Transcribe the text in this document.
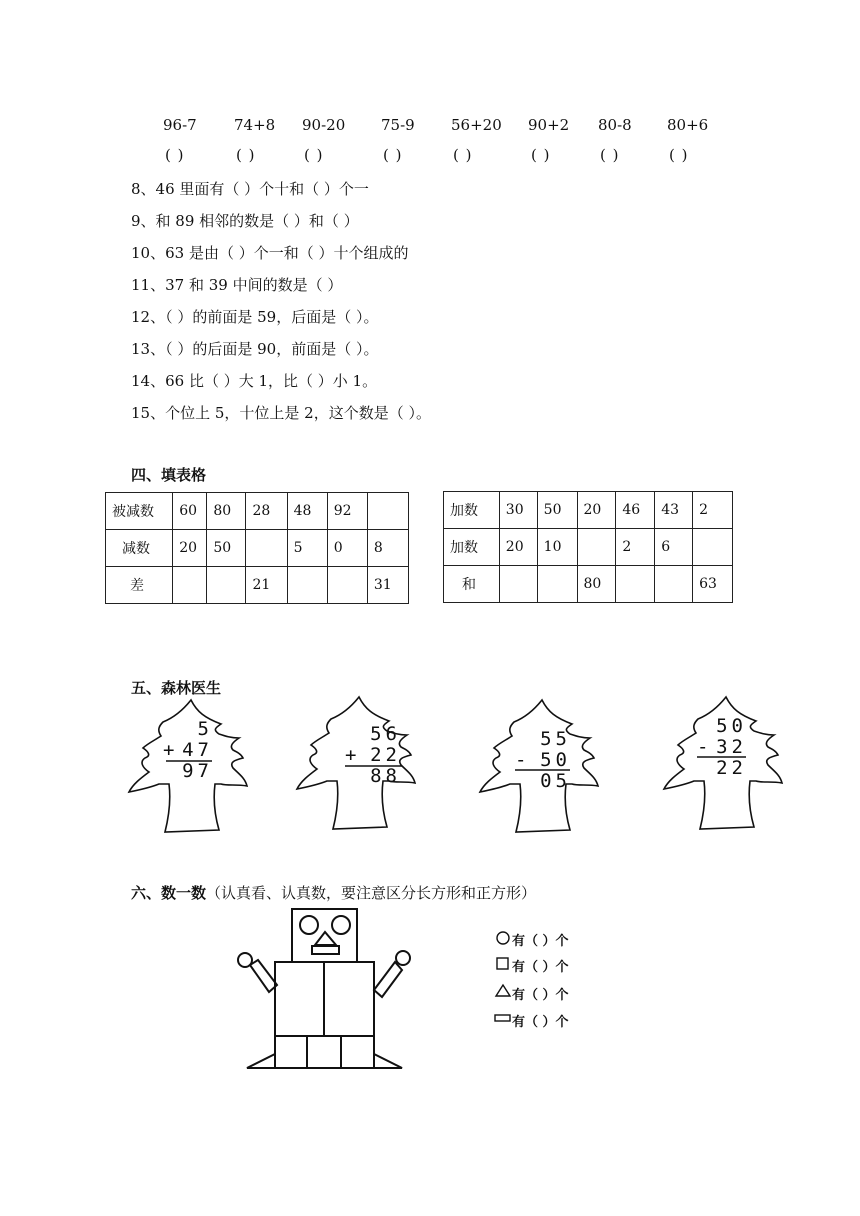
96-7 74+8 90-20 75-9 56+20 90+2 80-8 80+6
( )	( )	( )	( )	( )	( )	( )	( )
8、46 里面有（ ）个十和（ ）个一
9、和 89 相邻的数是（ ）和（ ）
10、63 是由（ ）个一和（ ）十个组成的
11、37 和 39 中间的数是（ ）
12、（ ）的前面是 59，后面是（ ）。
13、（ ）的后面是 90，前面是（ ）。
14、66 比（ ）大 1，比（ ）小 1。
15、个位上 5，十位上是 2，这个数是（ ）。
四、填表格
被减数	60	80	28	48	92	
减数	20	50		5	0	8
差			21			31
加数	30	50	20	46	43	2
加数	20	10		2	6	
和			80			63
五、森林医生
5
+ 47
97
56
+ 22
88
55
- 50
05
50
- 32
22
六、数一数（认真看、认真数，要注意区分长方形和正方形）
有（ ）个
有（ ）个
有（ ）个
有（ ）个
